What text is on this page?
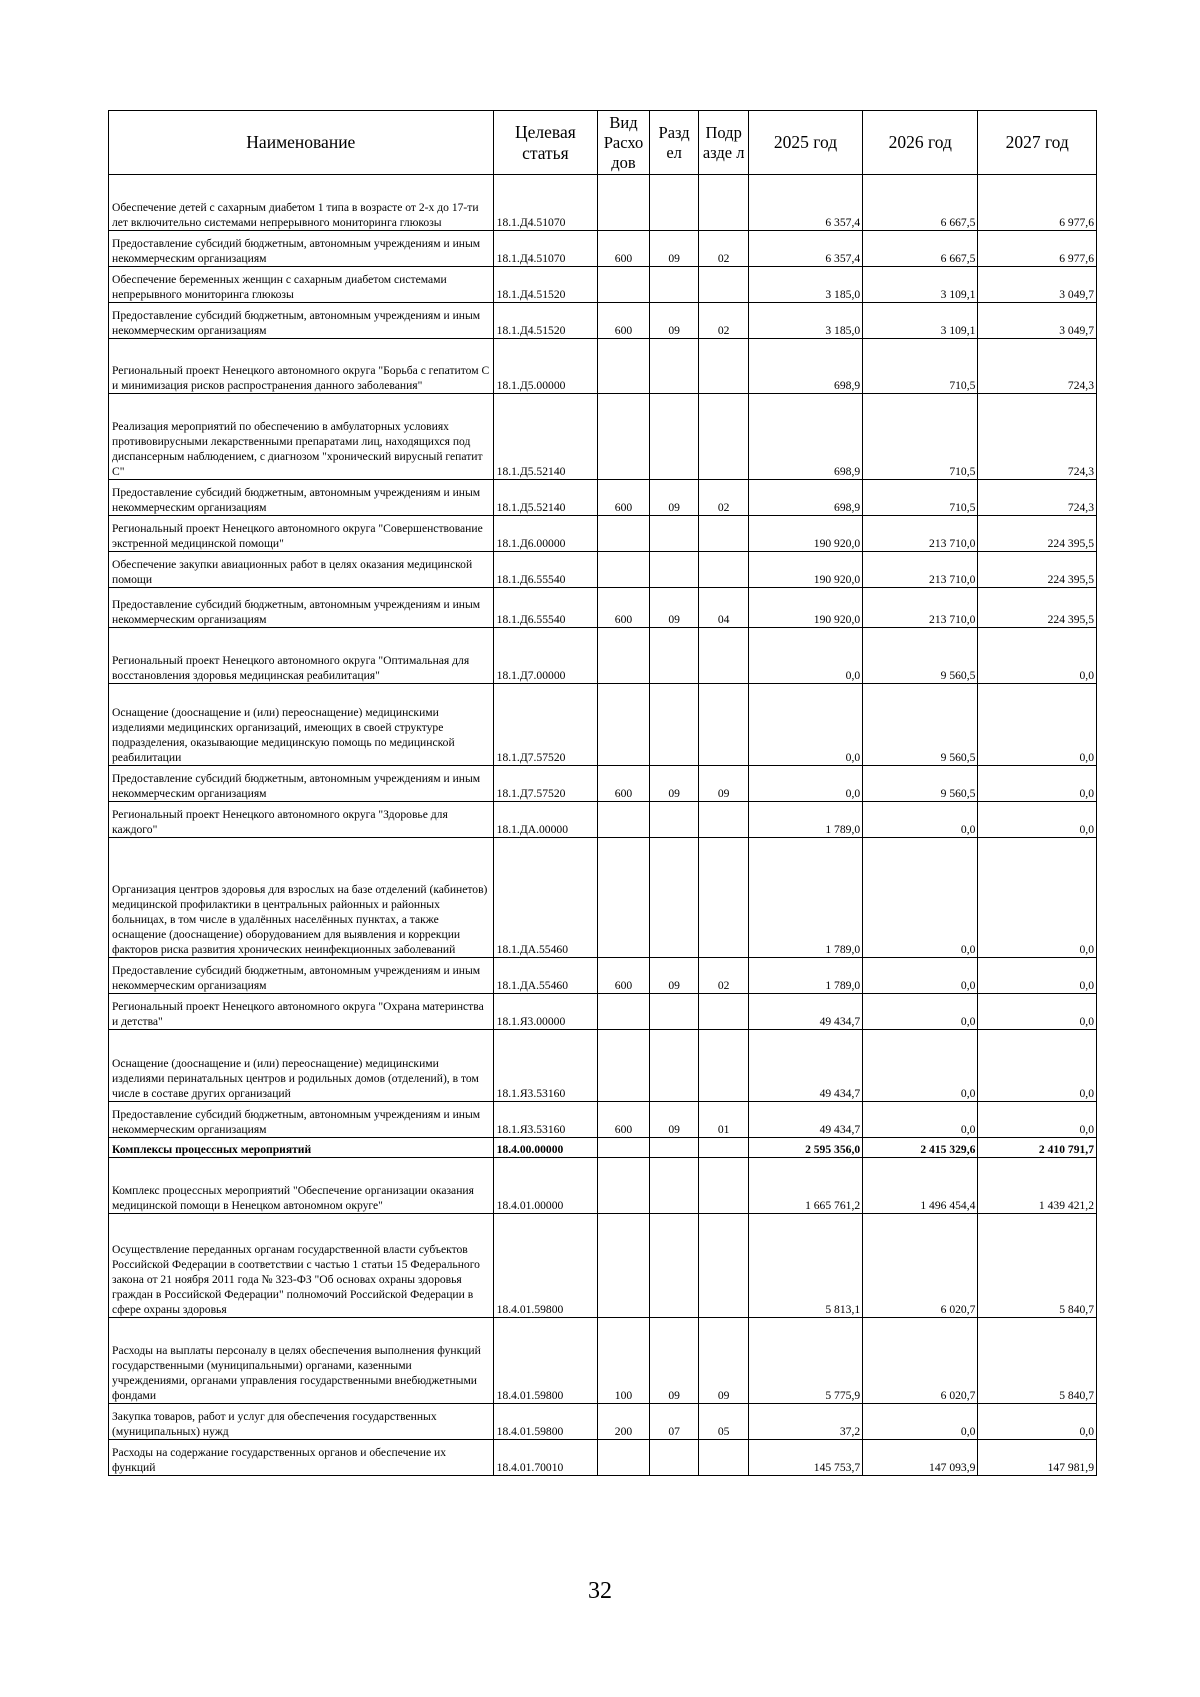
Наименование	Целевая статья	Вид Расхо дов	Разд ел	Подр азде л	2025 год	2026 год	2027 год
Обеспечение детей с сахарным диабетом 1 типа в возрасте от 2-х до 17-ти лет включительно системами непрерывного мониторинга глюкозы	18.1.Д4.51070				6 357,4	6 667,5	6 977,6
Предоставление субсидий бюджетным, автономным учреждениям и иным некоммерческим организациям	18.1.Д4.51070	600	09	02	6 357,4	6 667,5	6 977,6
Обеспечение беременных женщин с сахарным диабетом системами непрерывного мониторинга глюкозы	18.1.Д4.51520				3 185,0	3 109,1	3 049,7
Предоставление субсидий бюджетным, автономным учреждениям и иным некоммерческим организациям	18.1.Д4.51520	600	09	02	3 185,0	3 109,1	3 049,7
Региональный проект Ненецкого автономного округа "Борьба с гепатитом С и минимизация рисков распространения данного заболевания"	18.1.Д5.00000				698,9	710,5	724,3
Реализация мероприятий по обеспечению в амбулаторных условиях противовирусными лекарственными препаратами лиц, находящихся под диспансерным наблюдением, с диагнозом "хронический вирусный гепатит С"	18.1.Д5.52140				698,9	710,5	724,3
Предоставление субсидий бюджетным, автономным учреждениям и иным некоммерческим организациям	18.1.Д5.52140	600	09	02	698,9	710,5	724,3
Региональный проект Ненецкого автономного округа "Совершенствование экстренной медицинской помощи"	18.1.Д6.00000				190 920,0	213 710,0	224 395,5
Обеспечение закупки авиационных работ в целях оказания медицинской помощи	18.1.Д6.55540				190 920,0	213 710,0	224 395,5
Предоставление субсидий бюджетным, автономным учреждениям и иным некоммерческим организациям	18.1.Д6.55540	600	09	04	190 920,0	213 710,0	224 395,5
Региональный проект Ненецкого автономного округа "Оптимальная для восстановления здоровья медицинская реабилитация"	18.1.Д7.00000				0,0	9 560,5	0,0
Оснащение (дооснащение и (или) переоснащение) медицинскими изделиями медицинских организаций, имеющих в своей структуре подразделения, оказывающие медицинскую помощь по медицинской реабилитации	18.1.Д7.57520				0,0	9 560,5	0,0
Предоставление субсидий бюджетным, автономным учреждениям и иным некоммерческим организациям	18.1.Д7.57520	600	09	09	0,0	9 560,5	0,0
Региональный проект Ненецкого автономного округа "Здоровье для каждого"	18.1.ДА.00000				1 789,0	0,0	0,0
Организация центров здоровья для взрослых на базе отделений (кабинетов) медицинской профилактики в центральных районных и районных больницах, в том числе в удалённых населённых пунктах, а также оснащение (дооснащение) оборудованием для выявления и коррекции факторов риска развития хронических неинфекционных заболеваний	18.1.ДА.55460				1 789,0	0,0	0,0
Предоставление субсидий бюджетным, автономным учреждениям и иным некоммерческим организациям	18.1.ДА.55460	600	09	02	1 789,0	0,0	0,0
Региональный проект Ненецкого автономного округа "Охрана материнства и детства"	18.1.Я3.00000				49 434,7	0,0	0,0
Оснащение (дооснащение и (или) переоснащение) медицинскими изделиями перинатальных центров и родильных домов (отделений), в том числе в составе других организаций	18.1.Я3.53160				49 434,7	0,0	0,0
Предоставление субсидий бюджетным, автономным учреждениям и иным некоммерческим организациям	18.1.Я3.53160	600	09	01	49 434,7	0,0	0,0
Комплексы процессных мероприятий	18.4.00.00000				2 595 356,0	2 415 329,6	2 410 791,7
Комплекс процессных мероприятий "Обеспечение организации оказания медицинской помощи в Ненецком автономном округе"	18.4.01.00000				1 665 761,2	1 496 454,4	1 439 421,2
Осуществление переданных органам государственной власти субъектов Российской Федерации в соответствии с частью 1 статьи 15 Федерального закона от 21 ноября 2011 года № 323-ФЗ "Об основах охраны здоровья граждан в Российской Федерации" полномочий Российской Федерации в сфере охраны здоровья	18.4.01.59800				5 813,1	6 020,7	5 840,7
Расходы на выплаты персоналу в целях обеспечения выполнения функций государственными (муниципальными) органами, казенными учреждениями, органами управления государственными внебюджетными фондами	18.4.01.59800	100	09	09	5 775,9	6 020,7	5 840,7
Закупка товаров, работ и услуг для обеспечения государственных (муниципальных) нужд	18.4.01.59800	200	07	05	37,2	0,0	0,0
Расходы на содержание государственных органов и обеспечение их функций	18.4.01.70010				145 753,7	147 093,9	147 981,9
32
